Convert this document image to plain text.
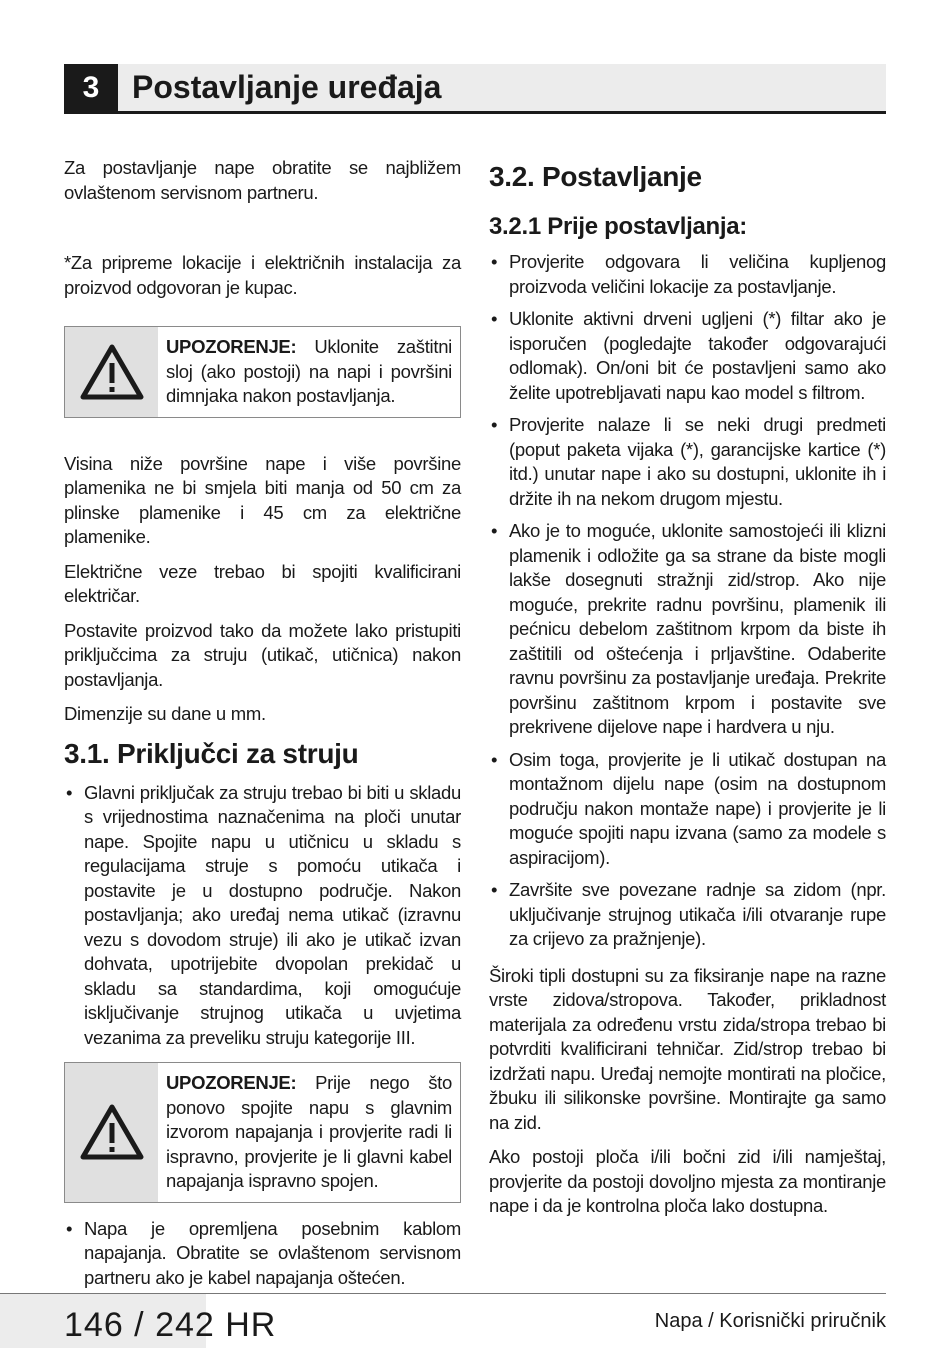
3	Postavljanje uređaja

Za postavljanje nape obratite se najbližem ovlaštenom servisnom partneru.

*Za pripreme lokacije i električnih instalacija za proizvod odgovoran je kupac.

UPOZORENJE: Uklonite zaštitni sloj (ako postoji) na napi i površini dimnjaka nakon postavljanja.

Visina niže površine nape i više površine plamenika ne bi smjela biti manja od 50 cm za plinske plamenike i 45 cm za električne plamenike.

Električne veze trebao bi spojiti kvalificirani električar.

Postavite proizvod tako da možete lako pristupiti priključcima za struju (utikač, utičnica) nakon postavljanja.

Dimenzije su dane u mm.

3.1. Priključci za struju
• Glavni priključak za struju trebao bi biti u skladu s vrijednostima naznačenima na ploči unutar nape. Spojite napu u utičnicu u skladu s regulacijama struje s pomoću utikača i postavite je u dostupno područje. Nakon postavljanja; ako uređaj nema utikač (izravnu vezu s dovodom struje) ili ako je utikač izvan dohvata, upotrijebite dvopolan prekidač u skladu sa standardima, koji omogućuje isključivanje strujnog utikača u uvjetima vezanima za preveliku struju kategorije III.
UPOZORENJE: Prije nego što ponovo spojite napu s glavnim izvorom napajanja i provjerite radi li ispravno, provjerite je li glavni kabel napajanja ispravno spojen.
• Napa je opremljena posebnim kablom napajanja. Obratite se ovlaštenom servisnom partneru ako je kabel napajanja oštećen.
3.2. Postavljanje
3.2.1 Prije postavljanja:
• Provjerite odgovara li veličina kupljenog proizvoda veličini lokacije za postavljanje.
• Uklonite aktivni drveni ugljeni (*) filtar ako je isporučen (pogledajte također odgovarajući odlomak). On/oni bit će postavljeni samo ako želite upotrebljavati napu kao model s filtrom.
• Provjerite nalaze li se neki drugi predmeti (poput paketa vijaka (*), garancijske kartice (*) itd.) unutar nape i ako su dostupni, uklonite ih i držite ih na nekom drugom mjestu.
• Ako je to moguće, uklonite samostojeći ili klizni plamenik i odložite ga sa strane da biste mogli lakše dosegnuti stražnji zid/strop. Ako nije moguće, prekrite radnu površinu, plamenik ili pećnicu debelom zaštitnom krpom da biste ih zaštitili od oštećenja i prljavštine. Odaberite ravnu površinu za postavljanje uređaja. Prekrite površinu zaštitnom krpom i postavite sve prekrivene dijelove nape i hardvera u nju.
• Osim toga, provjerite je li utikač dostupan na montažnom dijelu nape (osim na dostupnom području nakon montaže nape) i provjerite je li moguće spojiti napu izvana (samo za modele s aspiracijom).
• Završite sve povezane radnje sa zidom (npr. uključivanje strujnog utikača i/ili otvaranje rupe za crijevo za pražnjenje).

Široki tipli dostupni su za fiksiranje nape na razne vrste zidova/stropova. Također, prikladnost materijala za određenu vrstu zida/stropa trebao bi potvrditi kvalificirani tehničar. Zid/strop trebao bi izdržati napu. Uređaj nemojte montirati na pločice, žbuku ili silikonske površine. Montirajte ga samo na zid.

Ako postoji ploča i/ili bočni zid i/ili namještaj, provjerite da postoji dovoljno mjesta za montiranje nape i da je kontrolna ploča lako dostupna.

146 / 242 HR	Napa / Korisnički priručnik
